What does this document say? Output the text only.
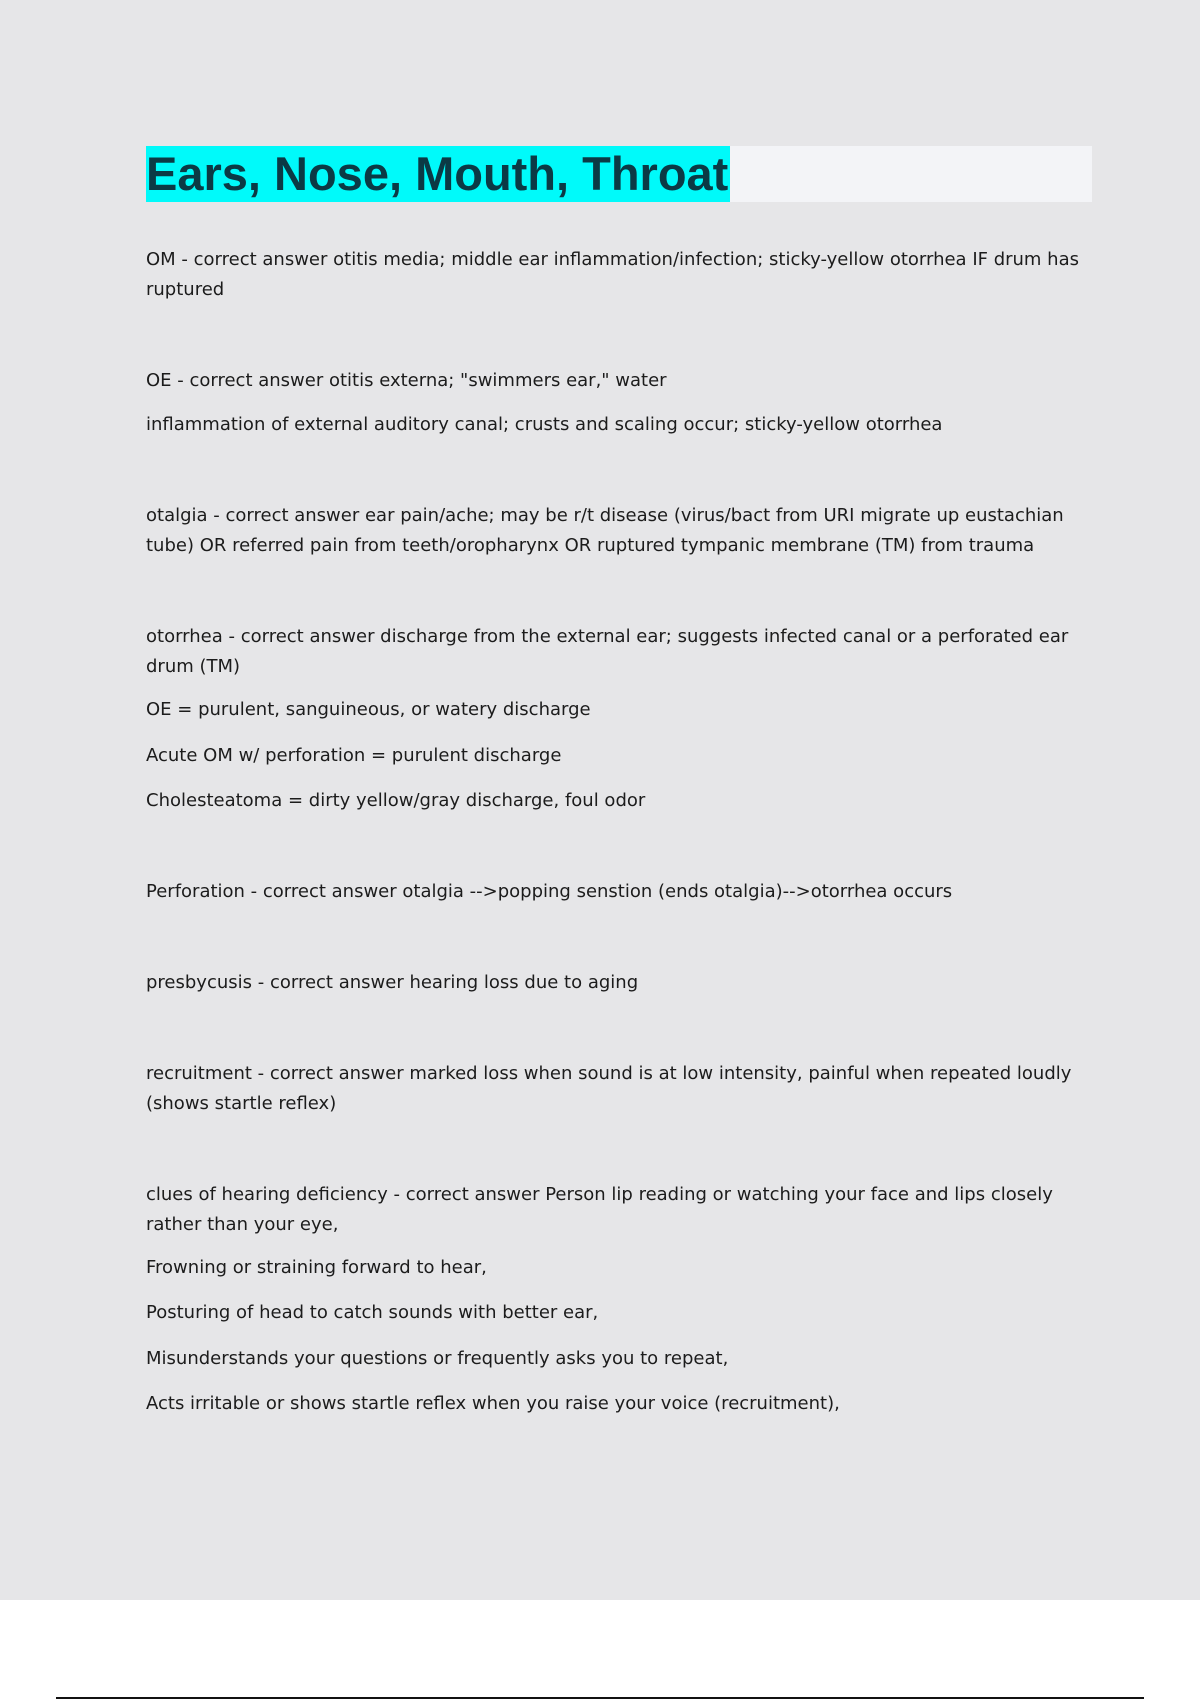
Ears, Nose, Mouth, Throat

OM - correct answer otitis media; middle ear inflammation/infection; sticky-yellow otorrhea IF drum has ruptured

OE - correct answer otitis externa; "swimmers ear," water

inflammation of external auditory canal; crusts and scaling occur; sticky-yellow otorrhea

otalgia - correct answer ear pain/ache; may be r/t disease (virus/bact from URI migrate up eustachian tube) OR referred pain from teeth/oropharynx OR ruptured tympanic membrane (TM) from trauma

otorrhea - correct answer discharge from the external ear; suggests infected canal or a perforated ear drum (TM)

OE = purulent, sanguineous, or watery discharge

Acute OM w/ perforation = purulent discharge

Cholesteatoma = dirty yellow/gray discharge, foul odor

Perforation - correct answer otalgia -->popping senstion (ends otalgia)-->otorrhea occurs

presbycusis - correct answer hearing loss due to aging

recruitment - correct answer marked loss when sound is at low intensity, painful when repeated loudly (shows startle reflex)

clues of hearing deficiency - correct answer Person lip reading or watching your face and lips closely rather than your eye,

Frowning or straining forward to hear,

Posturing of head to catch sounds with better ear,

Misunderstands your questions or frequently asks you to repeat,

Acts irritable or shows startle reflex when you raise your voice (recruitment),
